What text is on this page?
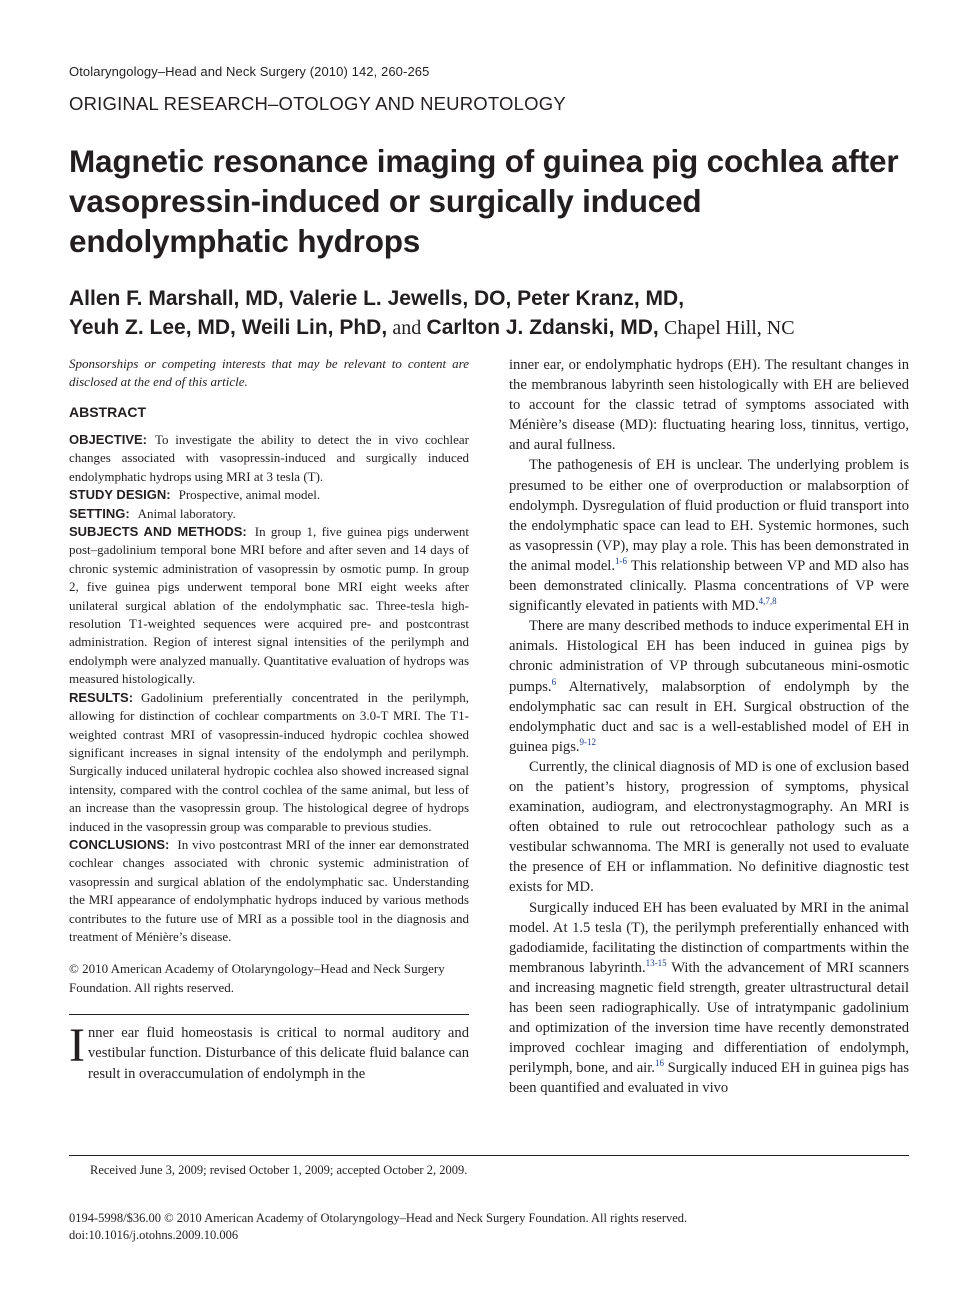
Otolaryngology–Head and Neck Surgery (2010) 142, 260-265
ORIGINAL RESEARCH–OTOLOGY AND NEUROTOLOGY
Magnetic resonance imaging of guinea pig cochlea after vasopressin-induced or surgically induced endolymphatic hydrops
Allen F. Marshall, MD, Valerie L. Jewells, DO, Peter Kranz, MD,
Yeuh Z. Lee, MD, Weili Lin, PhD, and Carlton J. Zdanski, MD, Chapel Hill, NC

Sponsorships or competing interests that may be relevant to content are disclosed at the end of this article.

ABSTRACT

OBJECTIVE: To investigate the ability to detect the in vivo cochlear changes associated with vasopressin-induced and surgically induced endolymphatic hydrops using MRI at 3 tesla (T).

STUDY DESIGN: Prospective, animal model.

SETTING: Animal laboratory.

SUBJECTS AND METHODS: In group 1, five guinea pigs underwent post–gadolinium temporal bone MRI before and after seven and 14 days of chronic systemic administration of vasopressin by osmotic pump. In group 2, five guinea pigs underwent temporal bone MRI eight weeks after unilateral surgical ablation of the endolymphatic sac. Three-tesla high-resolution T1-weighted sequences were acquired pre- and postcontrast administration. Region of interest signal intensities of the perilymph and endolymph were analyzed manually. Quantitative evaluation of hydrops was measured histologically.

RESULTS: Gadolinium preferentially concentrated in the perilymph, allowing for distinction of cochlear compartments on 3.0-T MRI. The T1-weighted contrast MRI of vasopressin-induced hydropic cochlea showed significant increases in signal intensity of the endolymph and perilymph. Surgically induced unilateral hydropic cochlea also showed increased signal intensity, compared with the control cochlea of the same animal, but less of an increase than the vasopressin group. The histological degree of hydrops induced in the vasopressin group was comparable to previous studies.

CONCLUSIONS: In vivo postcontrast MRI of the inner ear demonstrated cochlear changes associated with chronic systemic administration of vasopressin and surgical ablation of the endolymphatic sac. Understanding the MRI appearance of endolymphatic hydrops induced by various methods contributes to the future use of MRI as a possible tool in the diagnosis and treatment of Ménière’s disease.

© 2010 American Academy of Otolaryngology–Head and Neck Surgery Foundation. All rights reserved.

Inner ear fluid homeostasis is critical to normal auditory and vestibular function. Disturbance of this delicate fluid balance can result in overaccumulation of endolymph in the

inner ear, or endolymphatic hydrops (EH). The resultant changes in the membranous labyrinth seen histologically with EH are believed to account for the classic tetrad of symptoms associated with Ménière’s disease (MD): fluctuating hearing loss, tinnitus, vertigo, and aural fullness.

The pathogenesis of EH is unclear. The underlying problem is presumed to be either one of overproduction or malabsorption of endolymph. Dysregulation of fluid production or fluid transport into the endolymphatic space can lead to EH. Systemic hormones, such as vasopressin (VP), may play a role. This has been demonstrated in the animal model.$^{1-6}$ This relationship between VP and MD also has been demonstrated clinically. Plasma concentrations of VP were significantly elevated in patients with MD.$^{4,7,8}$

There are many described methods to induce experimental EH in animals. Histological EH has been induced in guinea pigs by chronic administration of VP through subcutaneous mini-osmotic pumps.$^6$ Alternatively, malabsorption of endolymph by the endolymphatic sac can result in EH. Surgical obstruction of the endolymphatic duct and sac is a well-established model of EH in guinea pigs.$^{9-12}$

Currently, the clinical diagnosis of MD is one of exclusion based on the patient’s history, progression of symptoms, physical examination, audiogram, and electronystagmography. An MRI is often obtained to rule out retrocochlear pathology such as a vestibular schwannoma. The MRI is generally not used to evaluate the presence of EH or inflammation. No definitive diagnostic test exists for MD.

Surgically induced EH has been evaluated by MRI in the animal model. At 1.5 tesla (T), the perilymph preferentially enhanced with gadodiamide, facilitating the distinction of compartments within the membranous labyrinth.$^{13-15}$ With the advancement of MRI scanners and increasing magnetic field strength, greater ultrastructural detail has been seen radiographically. Use of intratympanic gadolinium and optimization of the inversion time have recently demonstrated improved cochlear imaging and differentiation of endolymph, perilymph, bone, and air.$^{16}$ Surgically induced EH in guinea pigs has been quantified and evaluated in vivo

Received June 3, 2009; revised October 1, 2009; accepted October 2, 2009.
0194-5998/$36.00 © 2010 American Academy of Otolaryngology–Head and Neck Surgery Foundation. All rights reserved.
doi:10.1016/j.otohns.2009.10.006
